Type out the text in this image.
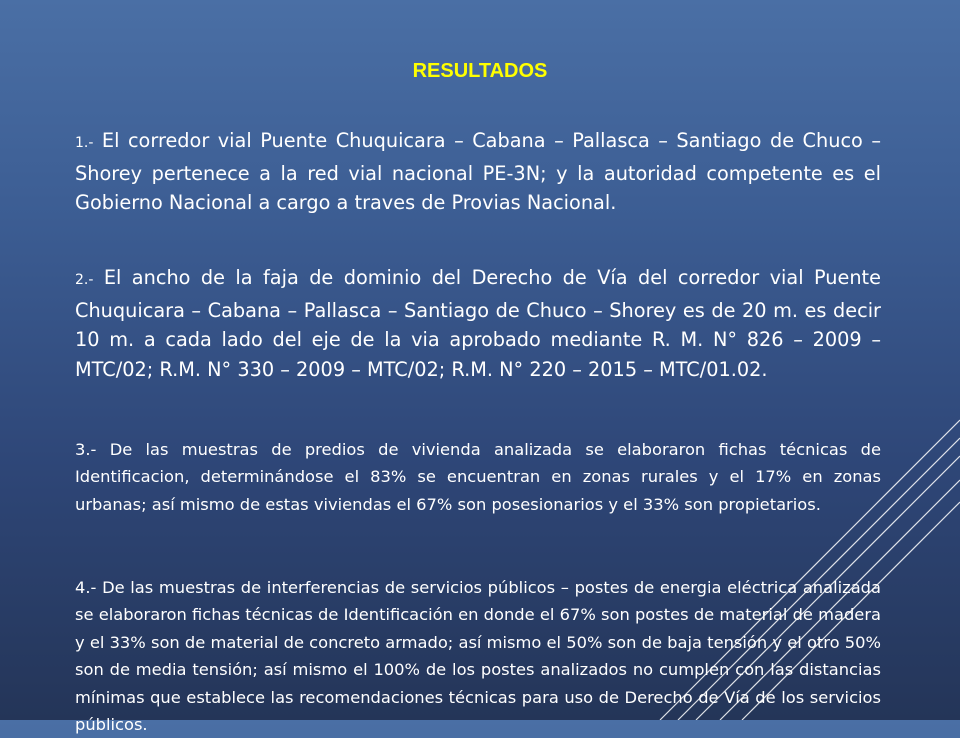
RESULTADOS

1.- El corredor vial Puente Chuquicara – Cabana – Pallasca – Santiago de Chuco – Shorey pertenece a la red vial nacional PE-3N; y la autoridad competente es el Gobierno Nacional a cargo a traves de Provias Nacional.

2.- El ancho de la faja de dominio del Derecho de Vía del corredor vial Puente Chuquicara – Cabana – Pallasca – Santiago de Chuco – Shorey es de 20 m. es decir 10 m. a cada lado del eje de la via aprobado mediante R. M. N° 826 – 2009 – MTC/02; R.M. N° 330 – 2009 – MTC/02; R.M. N° 220 – 2015 – MTC/01.02.

3.- De las muestras de predios de vivienda analizada se elaboraron fichas técnicas de Identificacion, determinándose el 83% se encuentran en zonas rurales y el 17% en zonas urbanas; así mismo de estas viviendas el 67% son posesionarios y el 33% son propietarios.

4.- De las muestras de interferencias de servicios públicos – postes de energia eléctrica analizada se elaboraron fichas técnicas de Identificación en donde el 67% son postes de material de madera y el 33% son de material de concreto armado; así mismo el 50% son de baja tensión y el otro 50% son de media tensión; así mismo el 100% de los postes analizados no cumplen con las distancias mínimas que establece las recomendaciones técnicas para uso de Derecho de Vía de los servicios públicos.
